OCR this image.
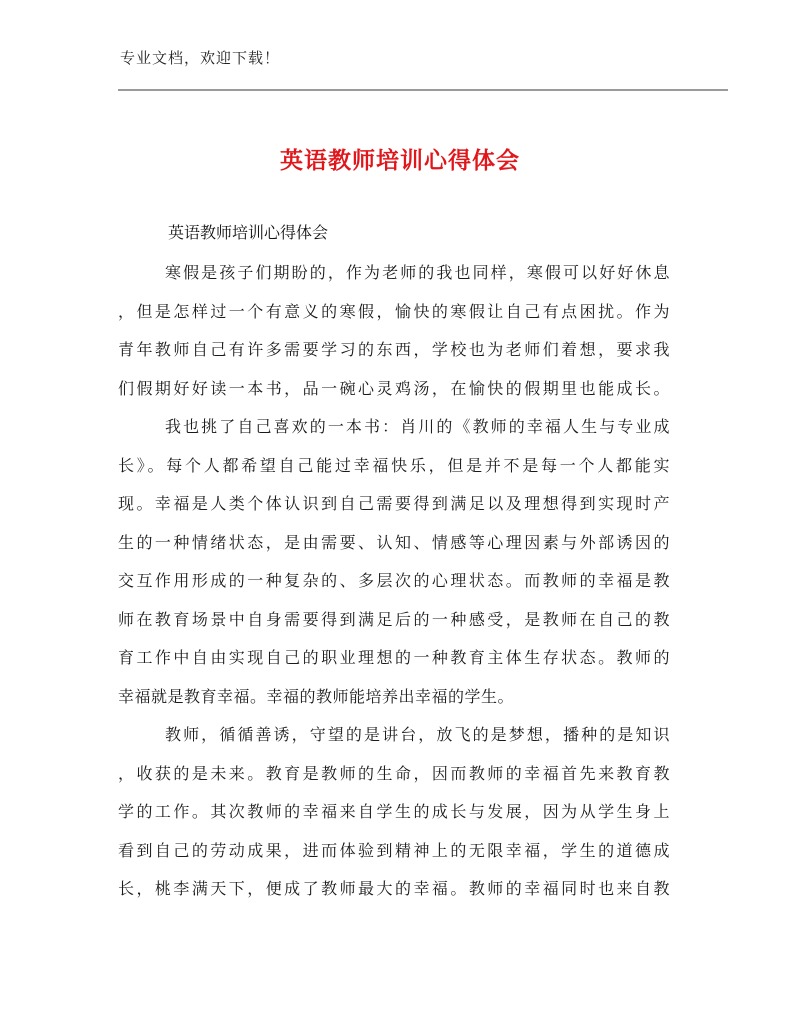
专业文档，欢迎下载！
英语教师培训心得体会
英语教师培训心得体会
寒假是孩子们期盼的，作为老师的我也同样，寒假可以好好休息
，但是怎样过一个有意义的寒假，愉快的寒假让自己有点困扰。作为
青年教师自己有许多需要学习的东西，学校也为老师们着想，要求我
们假期好好读一本书，品一碗心灵鸡汤，在愉快的假期里也能成长。
我也挑了自己喜欢的一本书：肖川的《教师的幸福人生与专业成
长》。每个人都希望自己能过幸福快乐，但是并不是每一个人都能实
现。幸福是人类个体认识到自己需要得到满足以及理想得到实现时产
生的一种情绪状态，是由需要、认知、情感等心理因素与外部诱因的
交互作用形成的一种复杂的、多层次的心理状态。而教师的幸福是教
师在教育场景中自身需要得到满足后的一种感受，是教师在自己的教
育工作中自由实现自己的职业理想的一种教育主体生存状态。教师的
幸福就是教育幸福。幸福的教师能培养出幸福的学生。
教师，循循善诱，守望的是讲台，放飞的是梦想，播种的是知识
，收获的是未来。教育是教师的生命，因而教师的幸福首先来教育教
学的工作。其次教师的幸福来自学生的成长与发展，因为从学生身上
看到自己的劳动成果，进而体验到精神上的无限幸福，学生的道德成
长，桃李满天下，便成了教师最大的幸福。教师的幸福同时也来自教
